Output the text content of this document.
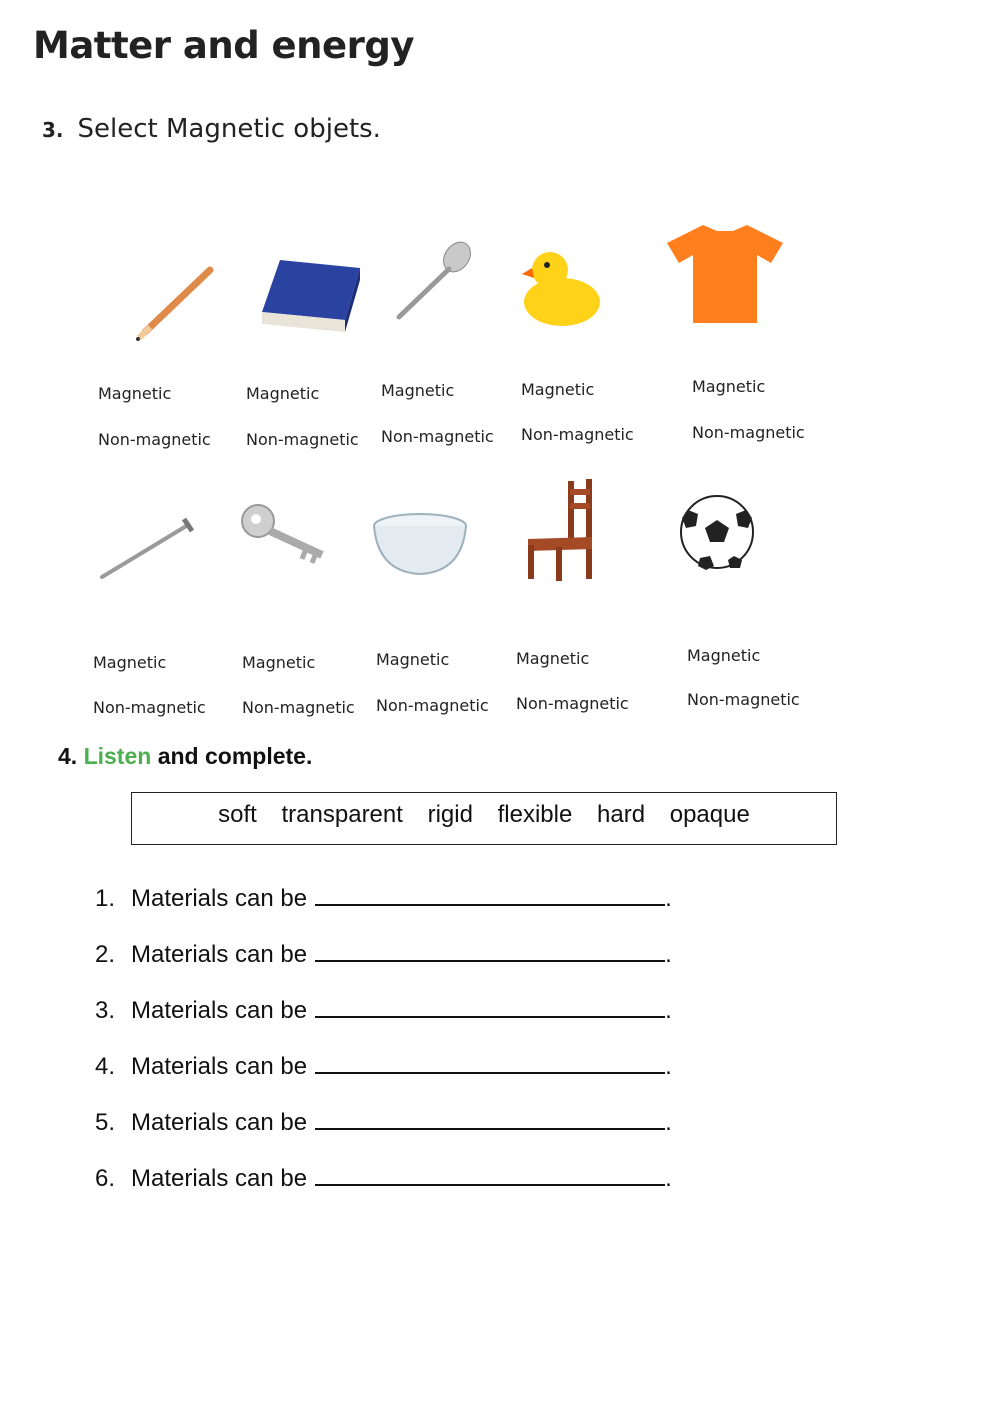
Matter and energy
3. Select Magnetic objets.
Magnetic
Non-magnetic
Magnetic
Non-magnetic
Magnetic
Non-magnetic
Magnetic
Non-magnetic
Magnetic
Non-magnetic
Magnetic
Non-magnetic
Magnetic
Non-magnetic
Magnetic
Non-magnetic
Magnetic
Non-magnetic
Magnetic
Non-magnetic
4. Listen and complete.
soft transparent rigid flexible hard opaque
1. Materials can be	.
2. Materials can be	.
3. Materials can be	.
4. Materials can be	.
5. Materials can be	.
6. Materials can be	.
